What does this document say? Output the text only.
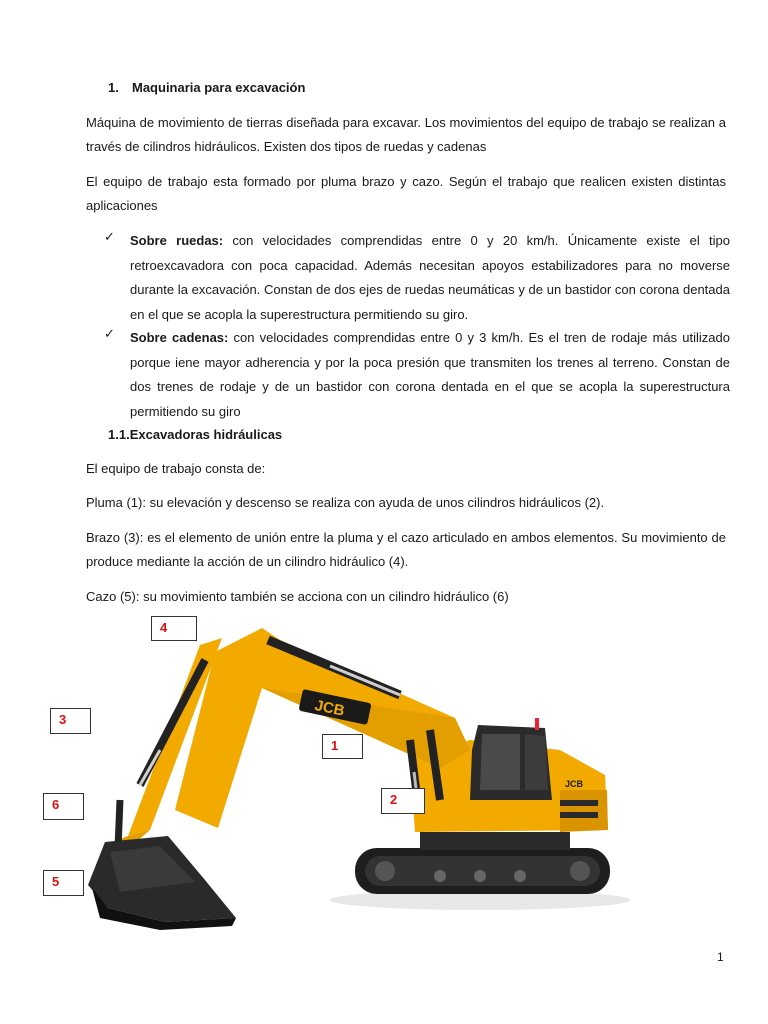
1. Maquinaria para excavación
Máquina de movimiento de tierras diseñada para excavar. Los movimientos del equipo de trabajo se realizan a través de cilindros hidráulicos. Existen dos tipos de ruedas y cadenas
El equipo de trabajo esta formado por pluma brazo y cazo. Según el trabajo que realicen existen distintas aplicaciones
✓ Sobre ruedas: con velocidades comprendidas entre 0 y 20 km/h. Únicamente existe el tipo retroexcavadora con poca capacidad. Además necesitan apoyos estabilizadores para no moverse durante la excavación. Constan de dos ejes de ruedas neumáticas y de un bastidor con corona dentada en el que se acopla la superestructura permitiendo su giro.
✓ Sobre cadenas: con velocidades comprendidas entre 0 y 3 km/h. Es el tren de rodaje más utilizado porque iene mayor adherencia y por la poca presión que transmiten los trenes al terreno. Constan de dos trenes de rodaje y de un bastidor con corona dentada en el que se acopla la superestructura permitiendo su giro
1.1.Excavadoras hidráulicas
El equipo de trabajo consta de:
Pluma (1): su elevación y descenso se realiza con ayuda de unos cilindros hidráulicos (2).
Brazo (3): es el elemento de unión entre la pluma y el cazo articulado en ambos elementos. Su movimiento de produce mediante la acción de un cilindro hidráulico (4).
Cazo (5): su movimiento también se acciona con un cilindro hidráulico (6)
JCB
JCB
4
3
1
6	2
5
1
